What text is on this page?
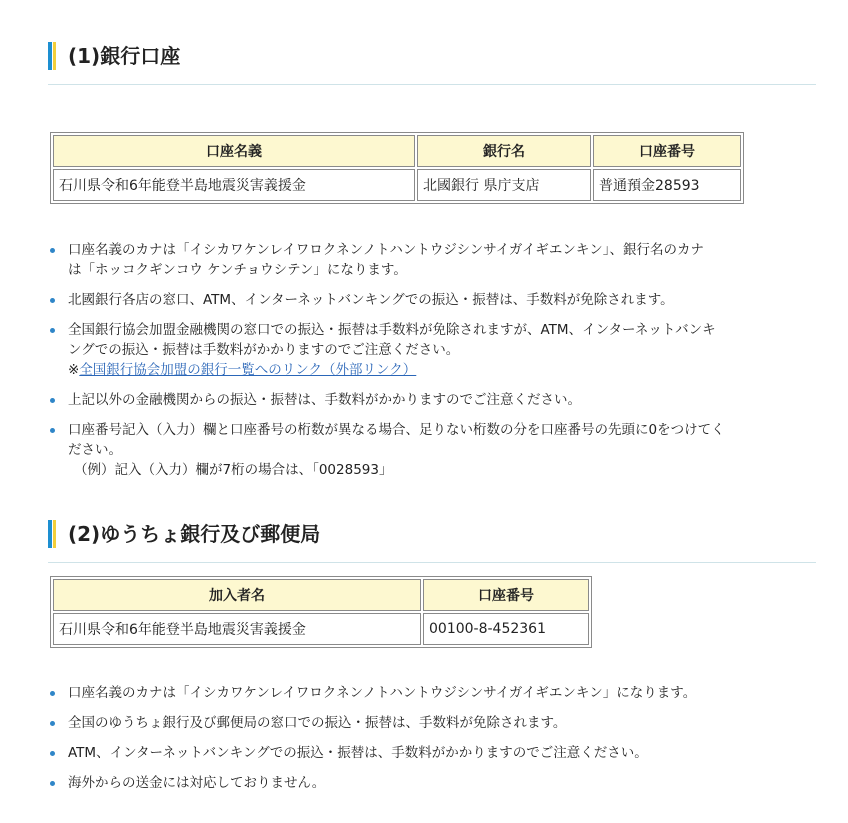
(1)銀行口座
口座名義	銀行名	口座番号
石川県令和6年能登半島地震災害義援金	北國銀行 県庁支店	普通預金28593
口座名義のカナは「イシカワケンレイワロクネンノトハントウジシンサイガイギエンキン」、銀行名のカナ
は「ホッコクギンコウ ケンチョウシテン」になります。
北國銀行各店の窓口、ATM、インターネットバンキングでの振込・振替は、手数料が免除されます。
全国銀行協会加盟金融機関の窓口での振込・振替は手数料が免除されますが、ATM、インターネットバンキ
ングでの振込・振替は手数料がかかりますのでご注意ください。
※全国銀行協会加盟の銀行一覧へのリンク（外部リンク）
上記以外の金融機関からの振込・振替は、手数料がかかりますのでご注意ください。
口座番号記入（入力）欄と口座番号の桁数が異なる場合、足りない桁数の分を口座番号の先頭に0をつけてく
ださい。
（例）記入（入力）欄が7桁の場合は、「0028593」
(2)ゆうちょ銀行及び郵便局
加入者名	口座番号
石川県令和6年能登半島地震災害義援金	00100-8-452361
口座名義のカナは「イシカワケンレイワロクネンノトハントウジシンサイガイギエンキン」になります。
全国のゆうちょ銀行及び郵便局の窓口での振込・振替は、手数料が免除されます。
ATM、インターネットバンキングでの振込・振替は、手数料がかかりますのでご注意ください。
海外からの送金には対応しておりません。
